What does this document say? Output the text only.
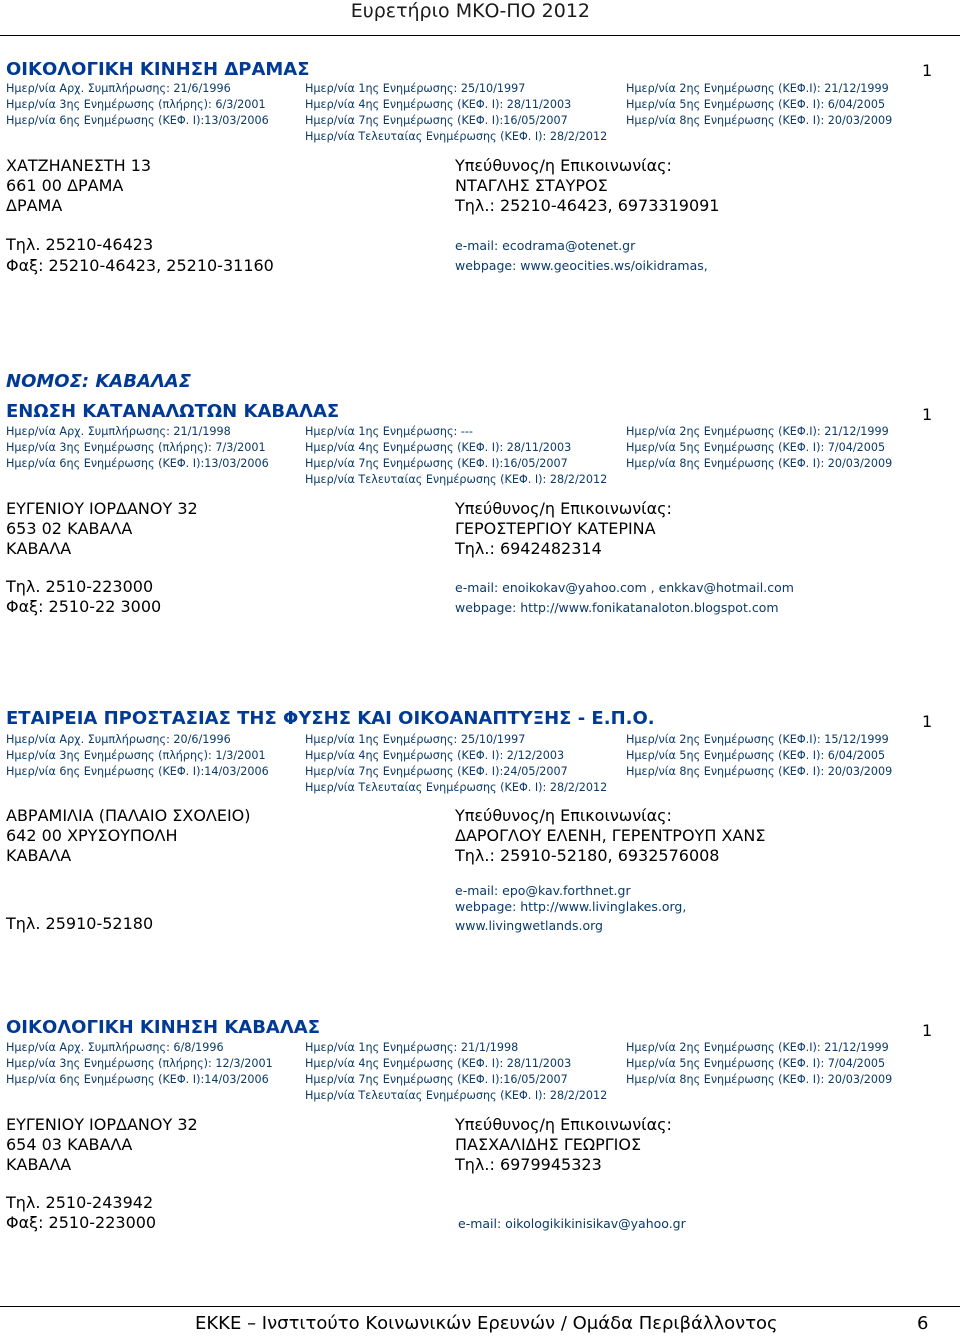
Ευρετήριο ΜΚΟ-ΠΟ 2012
ΟΙΚΟΛΟΓΙΚΗ ΚΙΝΗΣΗ ΔΡΑΜΑΣ	1
Ημερ/νία Αρχ. Συμπλήρωσης: 21/6/1996	Ημερ/νία 1ης Ενημέρωσης: 25/10/1997	Ημερ/νία 2ης Ενημέρωσης (ΚΕΦ.Ι): 21/12/1999
Ημερ/νία 3ης Ενημέρωσης (πλήρης): 6/3/2001	Ημερ/νία 4ης Ενημέρωσης (ΚΕΦ. Ι): 28/11/2003	Ημερ/νία 5ης Ενημέρωσης (ΚΕΦ. Ι): 6/04/2005
Ημερ/νία 6ης Ενημέρωσης (ΚΕΦ. Ι):13/03/2006	Ημερ/νία 7ης Ενημέρωσης (ΚΕΦ. Ι):16/05/2007	Ημερ/νία 8ης Ενημέρωσης (ΚΕΦ. Ι): 20/03/2009
Ημερ/νία Τελευταίας Ενημέρωσης (ΚΕΦ. Ι): 28/2/2012
ΧΑΤΖΗΑΝΕΣΤΗ 13
661 00 ΔΡΑΜΑ
ΔΡΑΜΑ
Υπεύθυνος/η Επικοινωνίας:
ΝΤΑΓΛΗΣ ΣΤΑΥΡΟΣ
Τηλ.: 25210-46423, 6973319091
Τηλ. 25210-46423
Φαξ: 25210-46423, 25210-31160
e-mail: ecodrama@otenet.gr
webpage: www.geocities.ws/oikidramas,
ΝΟΜΟΣ: ΚΑΒΑΛΑΣ
ΕΝΩΣΗ ΚΑΤΑΝΑΛΩΤΩΝ ΚΑΒΑΛΑΣ	1
Ημερ/νία Αρχ. Συμπλήρωσης: 21/1/1998	Ημερ/νία 1ης Ενημέρωσης: ---	Ημερ/νία 2ης Ενημέρωσης (ΚΕΦ.Ι): 21/12/1999
Ημερ/νία 3ης Ενημέρωσης (πλήρης): 7/3/2001	Ημερ/νία 4ης Ενημέρωσης (ΚΕΦ. Ι): 28/11/2003	Ημερ/νία 5ης Ενημέρωσης (ΚΕΦ. Ι): 7/04/2005
Ημερ/νία 6ης Ενημέρωσης (ΚΕΦ. Ι):13/03/2006	Ημερ/νία 7ης Ενημέρωσης (ΚΕΦ. Ι):16/05/2007	Ημερ/νία 8ης Ενημέρωσης (ΚΕΦ. Ι): 20/03/2009
Ημερ/νία Τελευταίας Ενημέρωσης (ΚΕΦ. Ι): 28/2/2012
ΕΥΓΕΝΙΟΥ ΙΟΡΔΑΝΟΥ 32
653 02 ΚΑΒΑΛΑ
ΚΑΒΑΛΑ
Υπεύθυνος/η Επικοινωνίας:
ΓΕΡΟΣΤΕΡΓΙΟΥ ΚΑΤΕΡΙΝΑ
Τηλ.: 6942482314
Τηλ. 2510-223000
Φαξ: 2510-22 3000
e-mail: enoikokav@yahoo.com , enkkav@hotmail.com
webpage: http://www.fonikatanaloton.blogspot.com
ΕΤΑΙΡΕΙΑ ΠΡΟΣΤΑΣΙΑΣ ΤΗΣ ΦΥΣΗΣ ΚΑΙ ΟΙΚΟΑΝΑΠΤΥΞΗΣ - Ε.Π.Ο.	1
Ημερ/νία Αρχ. Συμπλήρωσης: 20/6/1996	Ημερ/νία 1ης Ενημέρωσης: 25/10/1997	Ημερ/νία 2ης Ενημέρωσης (ΚΕΦ.Ι): 15/12/1999
Ημερ/νία 3ης Ενημέρωσης (πλήρης): 1/3/2001	Ημερ/νία 4ης Ενημέρωσης (ΚΕΦ. Ι): 2/12/2003	Ημερ/νία 5ης Ενημέρωσης (ΚΕΦ. Ι): 6/04/2005
Ημερ/νία 6ης Ενημέρωσης (ΚΕΦ. Ι):14/03/2006	Ημερ/νία 7ης Ενημέρωσης (ΚΕΦ. Ι):24/05/2007	Ημερ/νία 8ης Ενημέρωσης (ΚΕΦ. Ι): 20/03/2009
Ημερ/νία Τελευταίας Ενημέρωσης (ΚΕΦ. Ι): 28/2/2012
ΑΒΡΑΜΙΛΙΑ (ΠΑΛΑΙΟ ΣΧΟΛΕΙΟ)
642 00 ΧΡΥΣΟΥΠΟΛΗ
ΚΑΒΑΛΑ
Υπεύθυνος/η Επικοινωνίας:
ΔΑΡΟΓΛΟΥ ΕΛΕΝΗ, ΓΕΡΕΝΤΡΟΥΠ ΧΑΝΣ
Τηλ.: 25910-52180, 6932576008
e-mail: epo@kav.forthnet.gr
webpage: http://www.livinglakes.org,
www.livingwetlands.org
Τηλ. 25910-52180
ΟΙΚΟΛΟΓΙΚΗ ΚΙΝΗΣΗ ΚΑΒΑΛΑΣ	1
Ημερ/νία Αρχ. Συμπλήρωσης: 6/8/1996	Ημερ/νία 1ης Ενημέρωσης: 21/1/1998	Ημερ/νία 2ης Ενημέρωσης (ΚΕΦ.Ι): 21/12/1999
Ημερ/νία 3ης Ενημέρωσης (πλήρης): 12/3/2001	Ημερ/νία 4ης Ενημέρωσης (ΚΕΦ. Ι): 28/11/2003	Ημερ/νία 5ης Ενημέρωσης (ΚΕΦ. Ι): 7/04/2005
Ημερ/νία 6ης Ενημέρωσης (ΚΕΦ. Ι):14/03/2006	Ημερ/νία 7ης Ενημέρωσης (ΚΕΦ. Ι):16/05/2007	Ημερ/νία 8ης Ενημέρωσης (ΚΕΦ. Ι): 20/03/2009
Ημερ/νία Τελευταίας Ενημέρωσης (ΚΕΦ. Ι): 28/2/2012
ΕΥΓΕΝΙΟΥ ΙΟΡΔΑΝΟΥ 32
654 03 ΚΑΒΑΛΑ
ΚΑΒΑΛΑ
Υπεύθυνος/η Επικοινωνίας:
ΠΑΣΧΑΛΙΔΗΣ ΓΕΩΡΓΙΟΣ
Τηλ.: 6979945323
Τηλ. 2510-243942
Φαξ: 2510-223000	e-mail: oikologikikinisikav@yahoo.gr
ΕΚΚΕ – Ινστιτούτο Κοινωνικών Ερευνών / Ομάδα Περιβάλλοντος	6
